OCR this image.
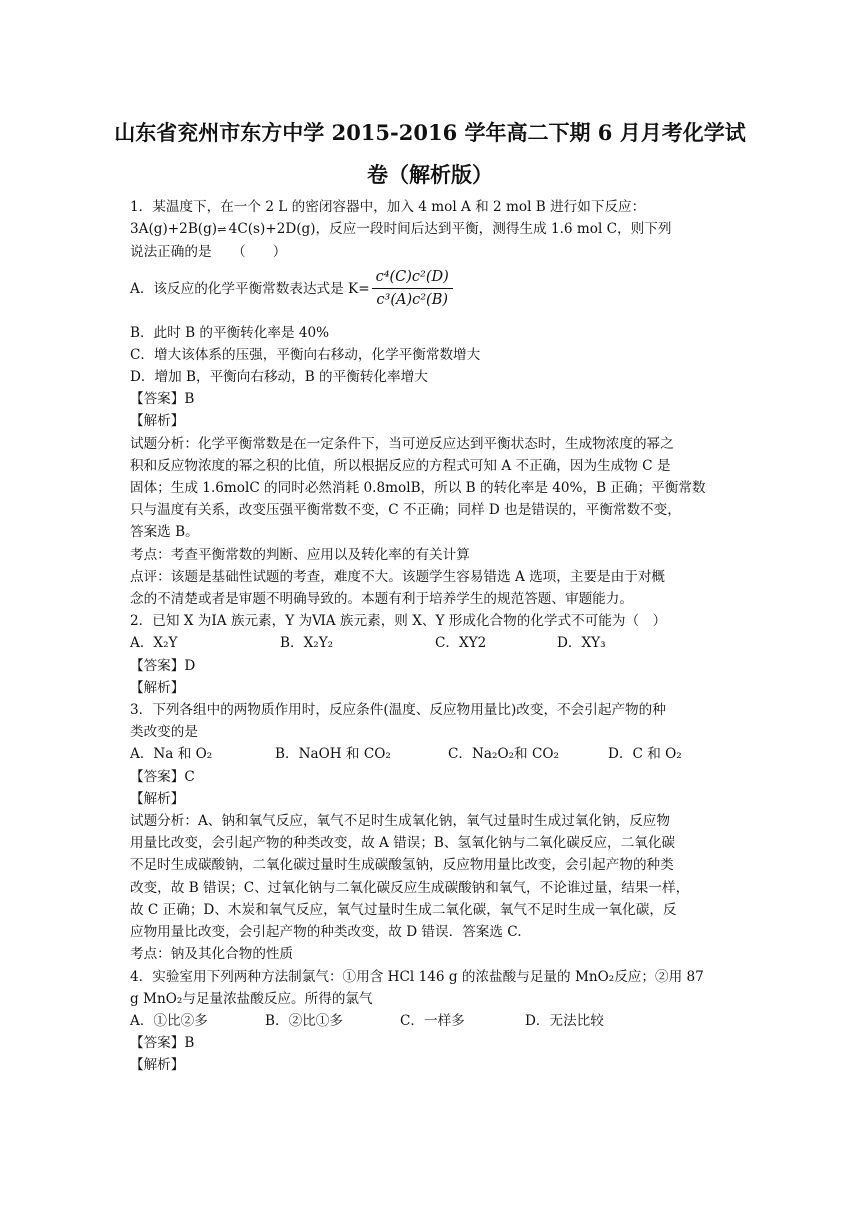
山东省兖州市东方中学 2015-2016 学年高二下期 6 月月考化学试
卷（解析版）

1．某温度下，在一个 2 L 的密闭容器中，加入 4 mol A 和 2 mol B 进行如下反应：

3A(g)+2B(g)⇌ 4C(s)+2D(g)，反应一段时间后达到平衡，测得生成 1.6 mol C，则下列

说法正确的是　　（　　）

A．该反应的化学平衡常数表达式是 $K= \frac{\text{c⁴(C)c²(D)}}{\text{c³(A)c²(B)}}$

B．此时 B 的平衡转化率是 40%

C．增大该体系的压强，平衡向右移动，化学平衡常数增大

D．增加 B，平衡向右移动，B 的平衡转化率增大

【答案】B

【解析】

试题分析：化学平衡常数是在一定条件下，当可逆反应达到平衡状态时，生成物浓度的幂之

积和反应物浓度的幂之积的比值，所以根据反应的方程式可知 A 不正确，因为生成物 C 是

固体；生成 1.6molC 的同时必然消耗 0.8molB，所以 B 的转化率是 40%，B 正确；平衡常数

只与温度有关系，改变压强平衡常数不变，C 不正确；同样 D 也是错误的，平衡常数不变，

答案选 B。

考点：考查平衡常数的判断、应用以及转化率的有关计算

点评：该题是基础性试题的考查，难度不大。该题学生容易错选 A 选项，主要是由于对概

念的不清楚或者是审题不明确导致的。本题有利于培养学生的规范答题、审题能力。

2．已知 X 为ⅠA 族元素，Y 为ⅥA 族元素，则 X、Y 形成化合物的化学式不可能为（　）

A．X₂Y	B．X₂Y₂	C．XY2	D．XY₃

【答案】D

【解析】

3．下列各组中的两物质作用时，反应条件(温度、反应物用量比)改变，不会引起产物的种

类改变的是

A．Na 和 O₂	B．NaOH 和 CO₂	C．Na₂O₂和 CO₂	D．C 和 O₂

【答案】C

【解析】

试题分析：A、钠和氧气反应，氧气不足时生成氧化钠，氧气过量时生成过氧化钠，反应物

用量比改变，会引起产物的种类改变，故 A 错误；B、氢氧化钠与二氧化碳反应，二氧化碳

不足时生成碳酸钠，二氧化碳过量时生成碳酸氢钠，反应物用量比改变，会引起产物的种类

改变，故 B 错误；C、过氧化钠与二氧化碳反应生成碳酸钠和氧气，不论谁过量，结果一样，

故 C 正确；D、木炭和氧气反应，氧气过量时生成二氧化碳，氧气不足时生成一氧化碳，反

应物用量比改变，会引起产物的种类改变，故 D 错误．答案选 C.

考点：钠及其化合物的性质

4．实验室用下列两种方法制氯气：①用含 HCl 146 g 的浓盐酸与足量的 MnO₂反应；②用 87

g MnO₂与足量浓盐酸反应。所得的氯气

A．①比②多	B．②比①多	C．一样多	D．无法比较

【答案】B

【解析】
